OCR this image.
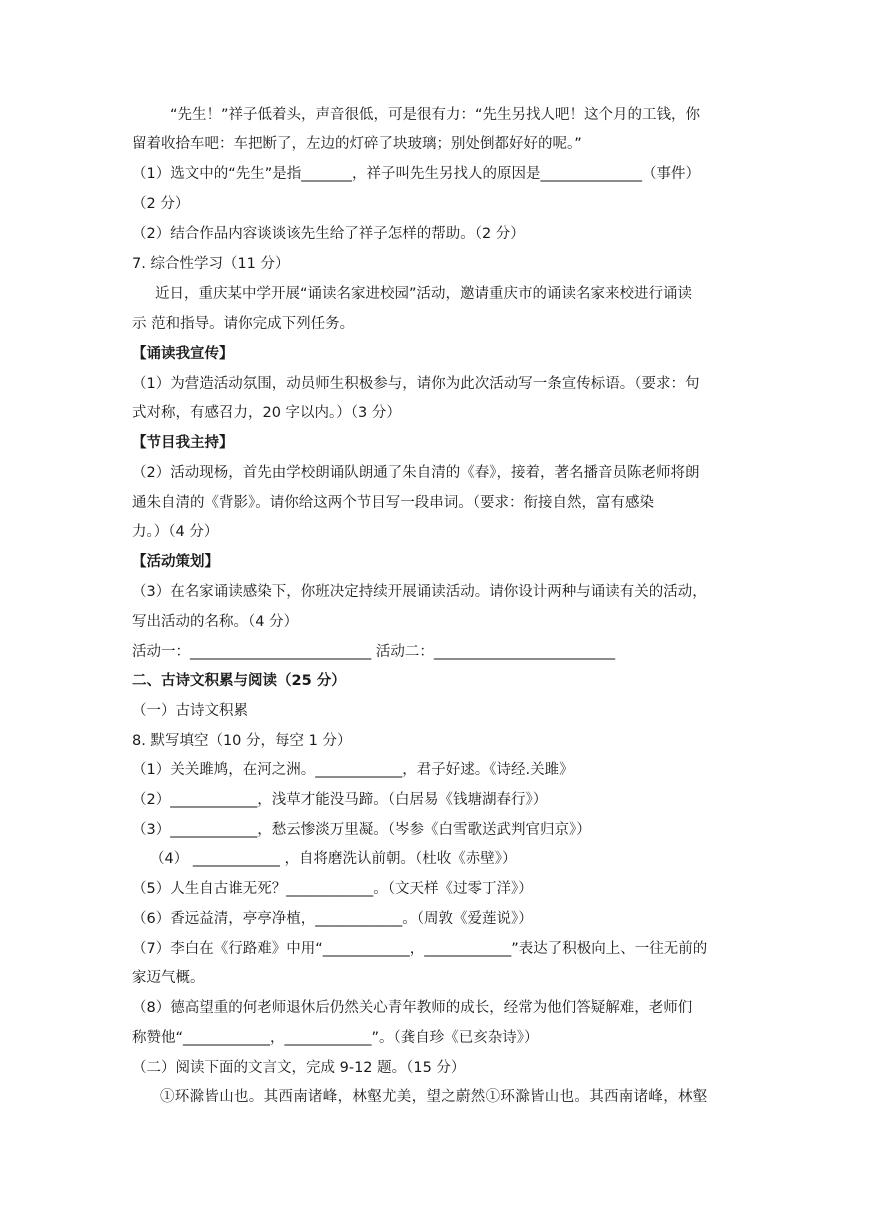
“先生！”祥子低着头，声音很低，可是很有力：“先生另找人吧！这个月的工钱，你
留着收拾车吧：车把断了，左边的灯碎了块玻璃；别处倒都好好的呢。”
（1）选文中的“先生”是指_______，祥子叫先生另找人的原因是______________（事件）
（2 分）
（2）结合作品内容谈谈该先生给了祥子怎样的帮助。（2 分）
7. 综合性学习（11 分）
近日，重庆某中学开展“诵读名家进校园”活动，邀请重庆市的诵读名家来校进行诵读
示 范和指导。请你完成下列任务。
【诵读我宣传】
（1）为营造活动氛围，动员师生积极参与，请你为此次活动写一条宣传标语。（要求：句
式对称，有感召力，20 字以内。）（3 分）
【节目我主持】
（2）活动现杨，首先由学校朗诵队朗通了朱自清的《春》，接着，著名播音员陈老师将朗
通朱自清的《背影》。请你给这两个节目写一段串词。（要求：衔接自然，富有感染
力。）（4 分）
【活动策划】
（3）在名家诵读感染下，你班决定持续开展诵读活动。请你设计两种与诵读有关的活动，
写出活动的名称。（4 分）
活动一：_________________________ 活动二：_________________________
二、古诗文积累与阅读（25 分）
（一）古诗文积累
8. 默写填空（10 分，每空 1 分）
（1）关关雎鸠，在河之洲。____________，君子好逑。《诗经.关雎》
（2）____________，浅草才能没马蹄。（白居易《钱塘湖春行》）
（3）____________，愁云惨淡万里凝。（岑参《白雪歌送武判官归京》）
（4） ____________ ，自将磨洗认前朝。（杜收《赤壁》）
（5）人生自古谁无死？____________。（文天样《过零丁洋》）
（6）香远益清，亭亭净植，____________。（周敦《爱莲说》）
（7）李白在《行路难》中用“____________，____________”表达了积极向上、一往无前的
家迈气概。
（8）德高望重的何老师退休后仍然关心青年教师的成长，经常为他们答疑解难，老师们
称赞他“____________，____________”。（龚自珍《已亥杂诗》）
（二）阅读下面的文言文，完成 9-12 题。（15 分）
①环滁皆山也。其西南诸峰，林壑尤美，望之蔚然①环滁皆山也。其西南诸峰，林壑
